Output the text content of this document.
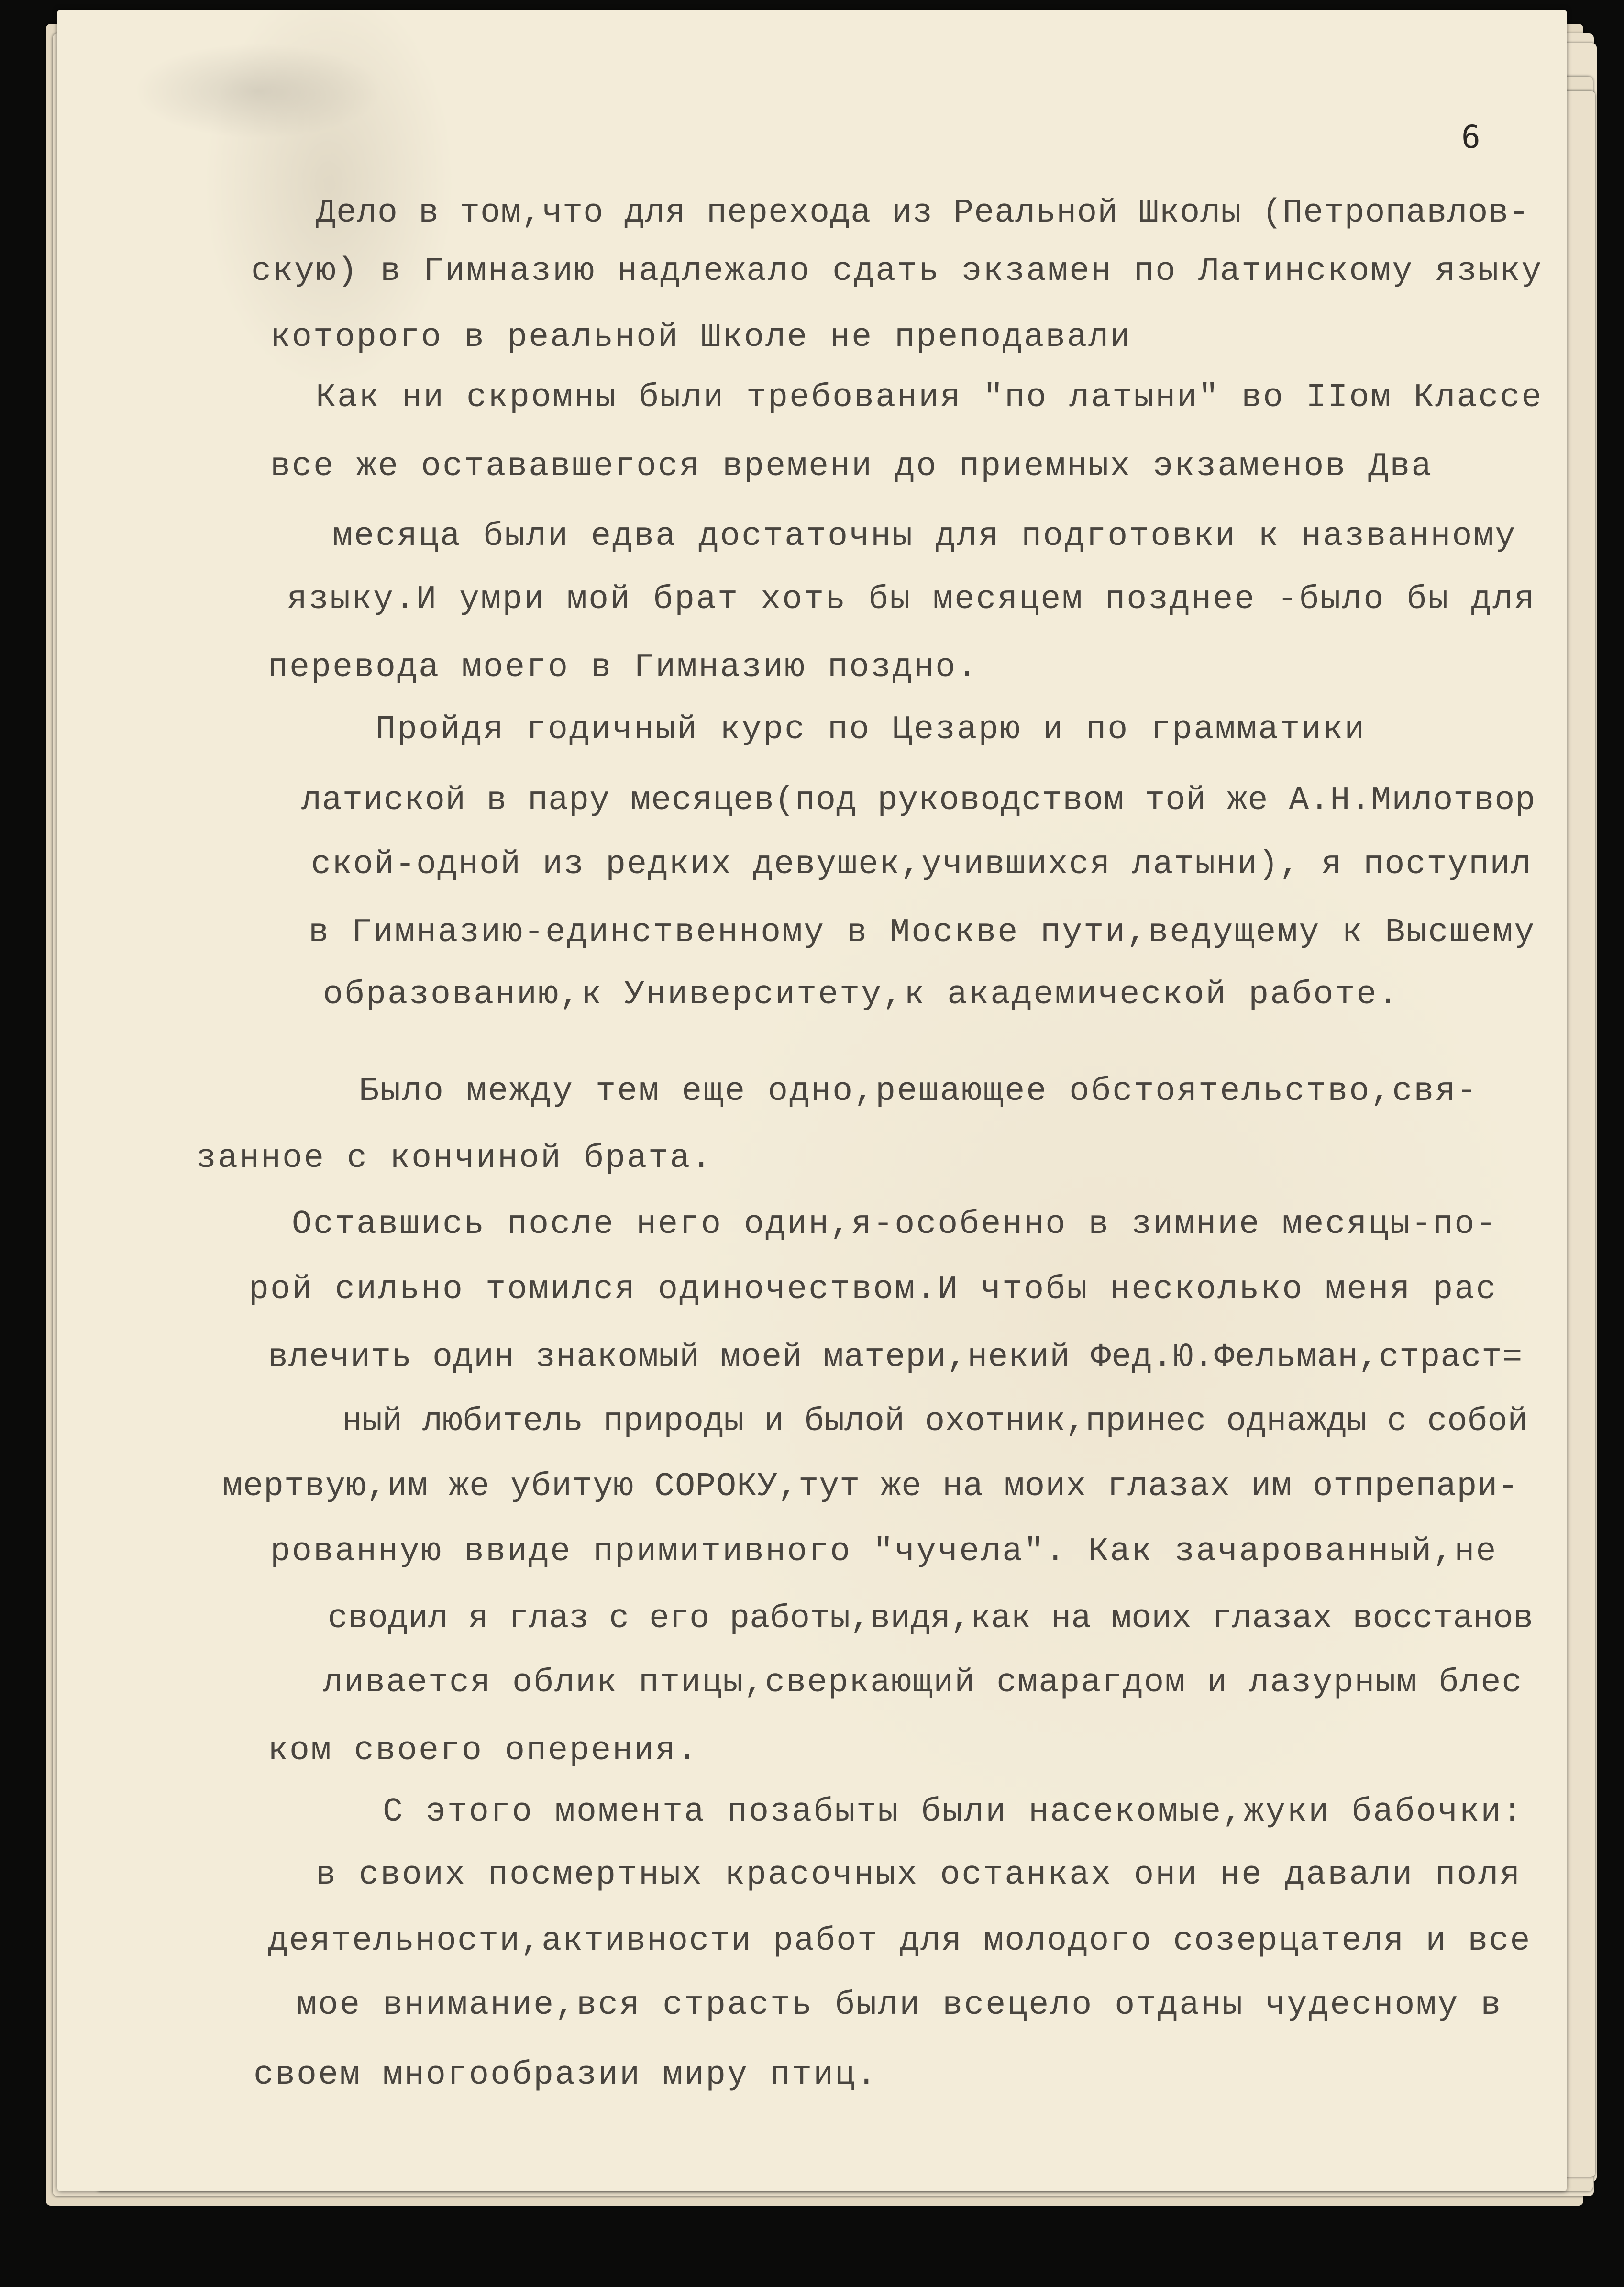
6
Дело в том,что для перехода из Реальной Школы (Петропавлов-
скую) в Гимназию надлежало сдать экзамен по Латинскому языку
которого в реальной Школе не преподавали
Как ни скромны были требования "по латыни" во IIом Классе
все же остававшегося времени до приемных экзаменов Два
месяца были едва достаточны для подготовки к названному
языку.И умри мой брат хоть бы месяцем позднее -было бы для
перевода моего в Гимназию поздно.
Пройдя годичный курс по Цезарю и по грамматики
латиской в пару месяцев(под руководством той же А.Н.Милотвор
ской-одной из редких девушек,учившихся латыни), я поступил
в Гимназию-единственному в Москве пути,ведущему к Высшему
образованию,к Университету,к академической работе.
Было между тем еще одно,решающее обстоятельство,свя-
занное с кончиной брата.
Оставшись после него один,я-особенно в зимние месяцы-по-
рой сильно томился одиночеством.И чтобы несколько меня рас
влечить один знакомый моей матери,некий Фед.Ю.Фельман,страст=
ный любитель природы и былой охотник,принес однажды с собой
мертвую,им же убитую СОРОКУ,тут же на моих глазах им отпрепари-
рованную ввиде примитивного "чучела". Как зачарованный,не
сводил я глаз с его работы,видя,как на моих глазах восстанов
ливается облик птицы,сверкающий смарагдом и лазурным блес
ком своего оперения.
С этого момента позабыты были насекомые,жуки бабочки:
в своих посмертных красочных останках они не давали поля
деятельности,активности работ для молодого созерцателя и все
мое внимание,вся страсть были всецело отданы чудесному в
своем многообразии миру птиц.
